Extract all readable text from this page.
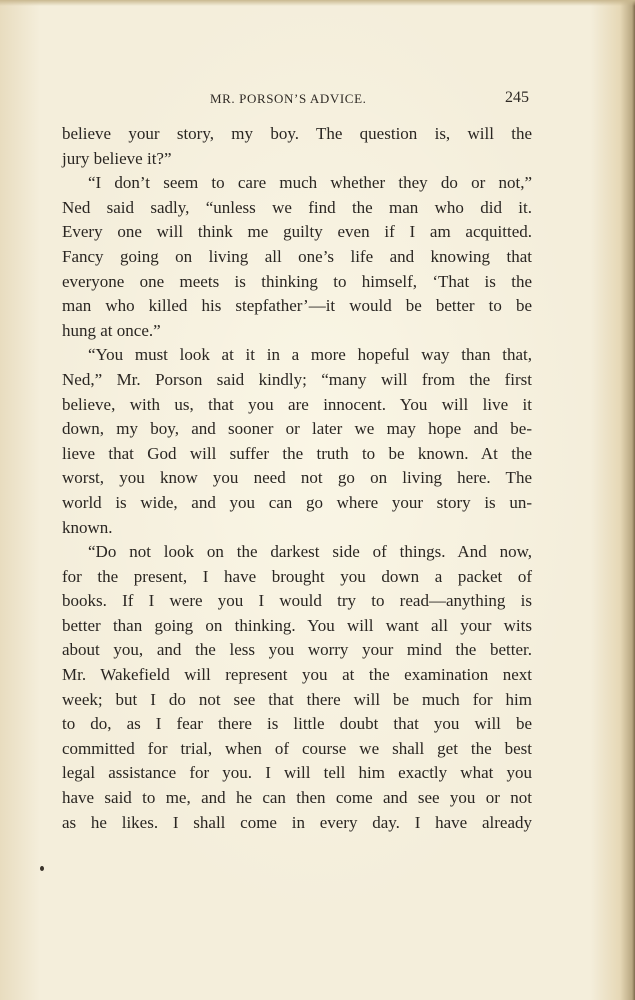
MR. PORSON’S ADVICE.	245
believe your story, my boy. The question is, will the
jury believe it?”
“I don’t seem to care much whether they do or not,”
Ned said sadly, “unless we find the man who did it.
Every one will think me guilty even if I am acquitted.
Fancy going on living all one’s life and knowing that
everyone one meets is thinking to himself, ‘That is the
man who killed his stepfather’—it would be better to be
hung at once.”
“You must look at it in a more hopeful way than that,
Ned,” Mr. Porson said kindly; “many will from the first
believe, with us, that you are innocent. You will live it
down, my boy, and sooner or later we may hope and be-
lieve that God will suffer the truth to be known. At the
worst, you know you need not go on living here. The
world is wide, and you can go where your story is un-
known.
“Do not look on the darkest side of things. And now,
for the present, I have brought you down a packet of
books. If I were you I would try to read—anything is
better than going on thinking. You will want all your wits
about you, and the less you worry your mind the better.
Mr. Wakefield will represent you at the examination next
week; but I do not see that there will be much for him
to do, as I fear there is little doubt that you will be
committed for trial, when of course we shall get the best
legal assistance for you. I will tell him exactly what you
have said to me, and he can then come and see you or not
as he likes. I shall come in every day. I have already
